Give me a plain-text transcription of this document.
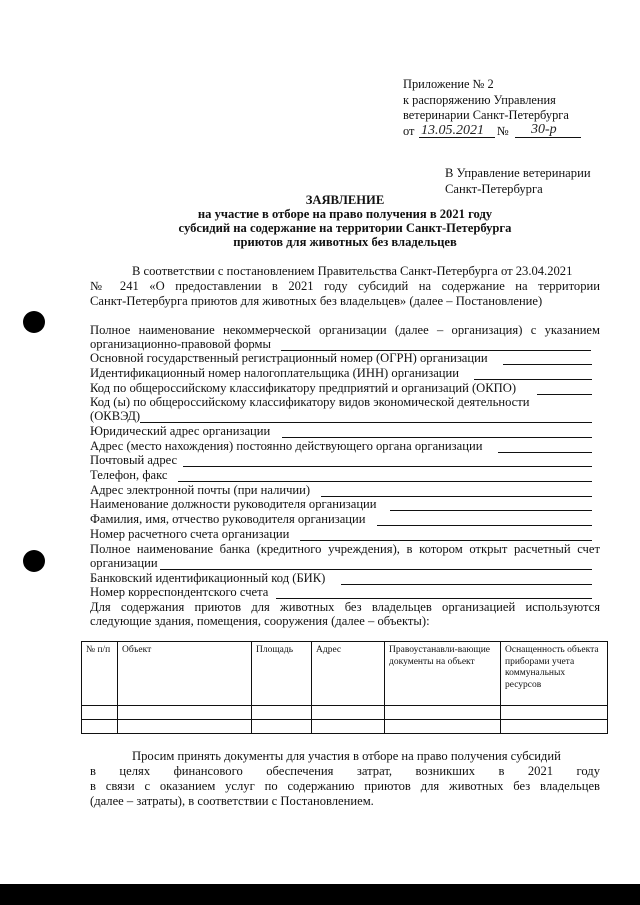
Приложение № 2
к распоряжению Управления
ветеринарии Санкт-Петербурга
от 13.05.2021 № 30-р
В Управление ветеринарии
Санкт-Петербурга
ЗАЯВЛЕНИЕ
на участие в отборе на право получения в 2021 году
субсидий на содержание на территории Санкт-Петербурга
приютов для животных без владельцев
В соответствии с постановлением Правительства Санкт-Петербурга от 23.04.2021
№ 241 «О предоставлении в 2021 году субсидий на содержание на территории
Санкт-Петербурга приютов для животных без владельцев» (далее – Постановление)
Полное наименование некоммерческой организации (далее – организация) с указанием
организационно-правовой формы
Основной государственный регистрационный номер (ОГРН) организации
Идентификационный номер налогоплательщика (ИНН) организации
Код по общероссийскому классификатору предприятий и организаций (ОКПО)
Код (ы) по общероссийскому классификатору видов экономической деятельности
(ОКВЭД)
Юридический адрес организации
Адрес (место нахождения) постоянно действующего органа организации
Почтовый адрес
Телефон, факс
Адрес электронной почты (при наличии)
Наименование должности руководителя организации
Фамилия, имя, отчество руководителя организации
Номер расчетного счета организации
Полное наименование банка (кредитного учреждения), в котором открыт расчетный счет
организации
Банковский идентификационный код (БИК)
Номер корреспондентского счета
Для содержания приютов для животных без владельцев организацией используются
следующие здания, помещения, сооружения (далее – объекты):
№ п/п	Объект	Площадь	Адрес	Правоустанавли-вающие документы на объект	Оснащенность объекта приборами учета коммунальных ресурсов

Просим принять документы для участия в отборе на право получения субсидий
в целях финансового обеспечения затрат, возникших в 2021 году
в связи с оказанием услуг по содержанию приютов для животных без владельцев
(далее – затраты), в соответствии с Постановлением.
